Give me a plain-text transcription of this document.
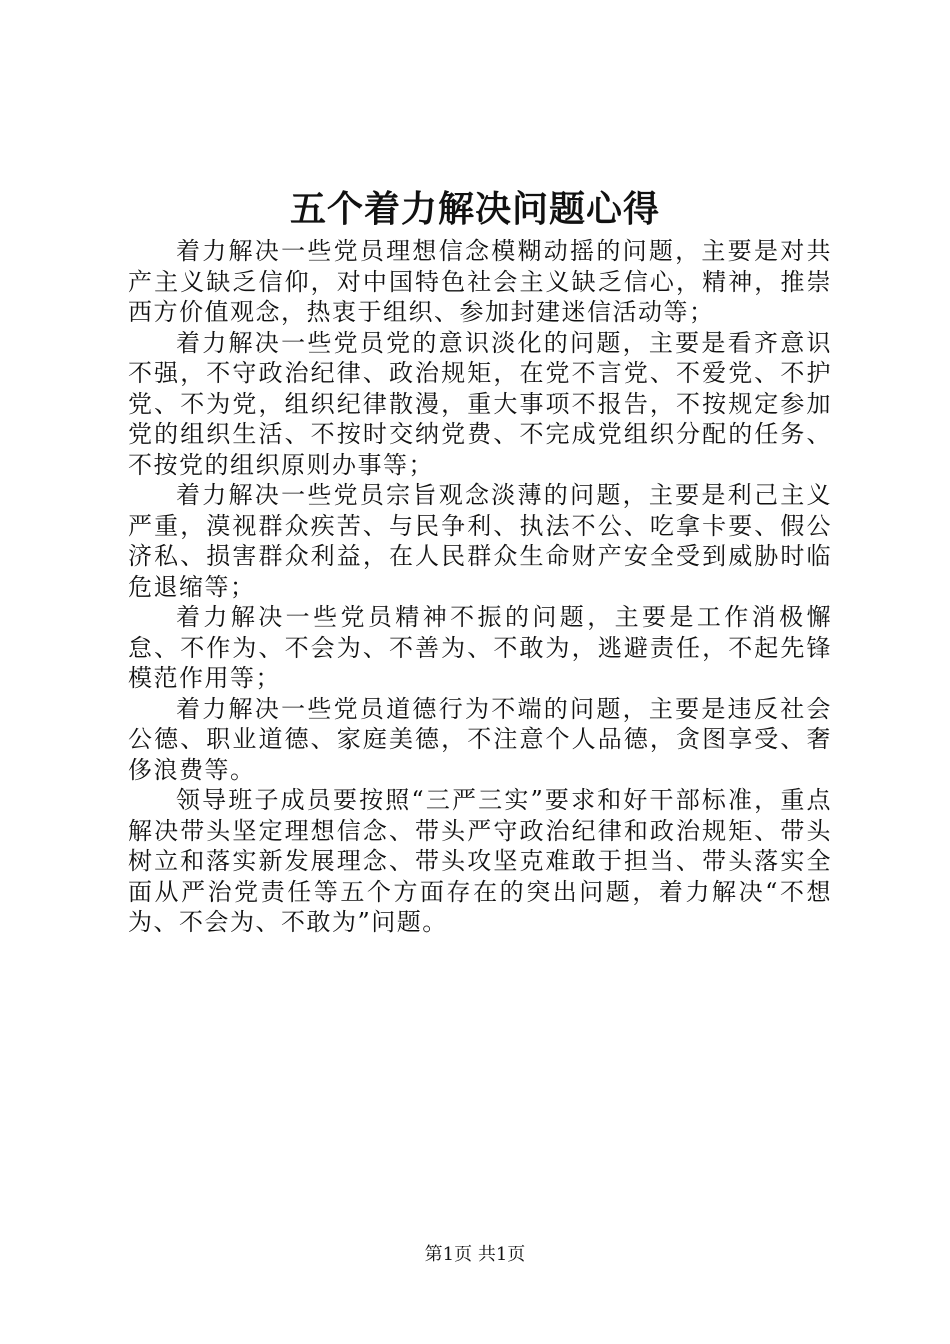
五个着力解决问题心得

着力解决一些党员理想信念模糊动摇的问题，主要是对共产主义缺乏信仰，对中国特色社会主义缺乏信心，精神，推崇西方价值观念，热衷于组织、参加封建迷信活动等；

着力解决一些党员党的意识淡化的问题，主要是看齐意识不强，不守政治纪律、政治规矩，在党不言党、不爱党、不护党、不为党，组织纪律散漫，重大事项不报告，不按规定参加党的组织生活、不按时交纳党费、不完成党组织分配的任务、不按党的组织原则办事等；

着力解决一些党员宗旨观念淡薄的问题，主要是利己主义严重，漠视群众疾苦、与民争利、执法不公、吃拿卡要、假公济私、损害群众利益，在人民群众生命财产安全受到威胁时临危退缩等；

着力解决一些党员精神不振的问题，主要是工作消极懈怠、不作为、不会为、不善为、不敢为，逃避责任，不起先锋模范作用等；

着力解决一些党员道德行为不端的问题，主要是违反社会公德、职业道德、家庭美德，不注意个人品德，贪图享受、奢侈浪费等。

领导班子成员要按照“三严三实”要求和好干部标准，重点解决带头坚定理想信念、带头严守政治纪律和政治规矩、带头树立和落实新发展理念、带头攻坚克难敢于担当、带头落实全面从严治党责任等五个方面存在的突出问题，着力解决“不想为、不会为、不敢为”问题。

第1页 共1页
